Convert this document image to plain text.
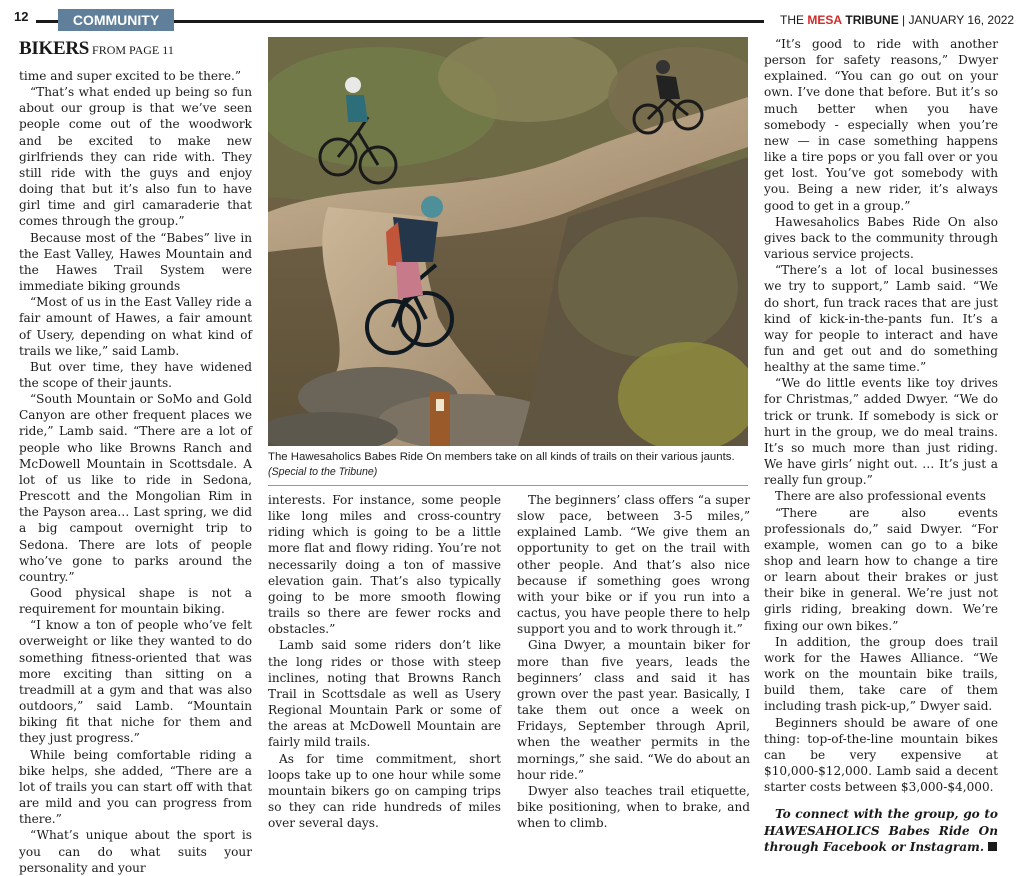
12	COMMUNITY	THE MESA TRIBUNE | JANUARY 16, 2022
BIKERS FROM PAGE 11

time and super excited to be there.”

“That’s what ended up being so fun about our group is that we’ve seen people come out of the woodwork and be excited to make new girlfriends they can ride with. They still ride with the guys and enjoy doing that but it’s also fun to have girl time and girl camaraderie that comes through the group.”

Because most of the “Babes” live in the East Valley, Hawes Mountain and the Hawes Trail System were immediate biking grounds

“Most of us in the East Valley ride a fair amount of Hawes, a fair amount of Usery, depending on what kind of trails we like,” said Lamb.

But over time, they have widened the scope of their jaunts.

“South Mountain or SoMo and Gold Canyon are other frequent places we ride,” Lamb said. “There are a lot of people who like Browns Ranch and McDowell Mountain in Scottsdale. A lot of us like to ride in Sedona, Prescott and the Mongolian Rim in the Payson area… Last spring, we did a big campout overnight trip to Sedona. There are lots of people who’ve gone to parks around the country.”

Good physical shape is not a requirement for mountain biking.

“I know a ton of people who’ve felt overweight or like they wanted to do something fitness-oriented that was more exciting than sitting on a treadmill at a gym and that was also outdoors,” said Lamb. “Mountain biking fit that niche for them and they just progress.”

While being comfortable riding a bike helps, she added, “There are a lot of trails you can start off with that are mild and you can progress from there.”

“What’s unique about the sport is you can do what suits your personality and your

The Hawesaholics Babes Ride On members take on all kinds of trails on their various jaunts.
(Special to the Tribune)

interests. For instance, some people like long miles and cross-country riding which is going to be a little more flat and flowy riding. You’re not necessarily doing a ton of massive elevation gain. That’s also typically going to be more smooth flowing trails so there are fewer rocks and obstacles.”

Lamb said some riders don’t like the long rides or those with steep inclines, noting that Browns Ranch Trail in Scottsdale as well as Usery Regional Mountain Park or some of the areas at McDowell Mountain are fairly mild trails.

As for time commitment, short loops take up to one hour while some mountain bikers go on camping trips so they can ride hundreds of miles over several days.

The beginners’ class offers “a super slow pace, between 3-5 miles,” explained Lamb. “We give them an opportunity to get on the trail with other people. And that’s also nice because if something goes wrong with your bike or if you run into a cactus, you have people there to help support you and to work through it.”

Gina Dwyer, a mountain biker for more than five years, leads the beginners’ class and said it has grown over the past year. Basically, I take them out once a week on Fridays, September through April, when the weather permits in the mornings,” she said. “We do about an hour ride.”

Dwyer also teaches trail etiquette, bike positioning, when to brake, and when to climb.

“It’s good to ride with another person for safety reasons,” Dwyer explained. “You can go out on your own. I’ve done that before. But it’s so much better when you have somebody - especially when you’re new — in case something happens like a tire pops or you fall over or you get lost. You’ve got somebody with you. Being a new rider, it’s always good to get in a group.”

Hawesaholics Babes Ride On also gives back to the community through various service projects.

“There’s a lot of local businesses we try to support,” Lamb said. “We do short, fun track races that are just kind of kick-in-the-pants fun. It’s a way for people to interact and have fun and get out and do something healthy at the same time.”

“We do little events like toy drives for Christmas,” added Dwyer. “We do trick or trunk. If somebody is sick or hurt in the group, we do meal trains. It’s so much more than just riding. We have girls’ night out. … It’s just a really fun group.”

There are also professional events

“There are also events professionals do,” said Dwyer. “For example, women can go to a bike shop and learn how to change a tire or learn about their brakes or just their bike in general. We’re just not girls riding, breaking down. We’re fixing our own bikes.”

In addition, the group does trail work for the Hawes Alliance. “We work on the mountain bike trails, build them, take care of them including trash pick-up,” Dwyer said.

Beginners should be aware of one thing: top-of-the-line mountain bikes can be very expensive at $10,000-$12,000. Lamb said a decent starter costs between $3,000-$4,000.

To connect with the group, go to HAWESAHOLICS Babes Ride On through Facebook or Instagram.
